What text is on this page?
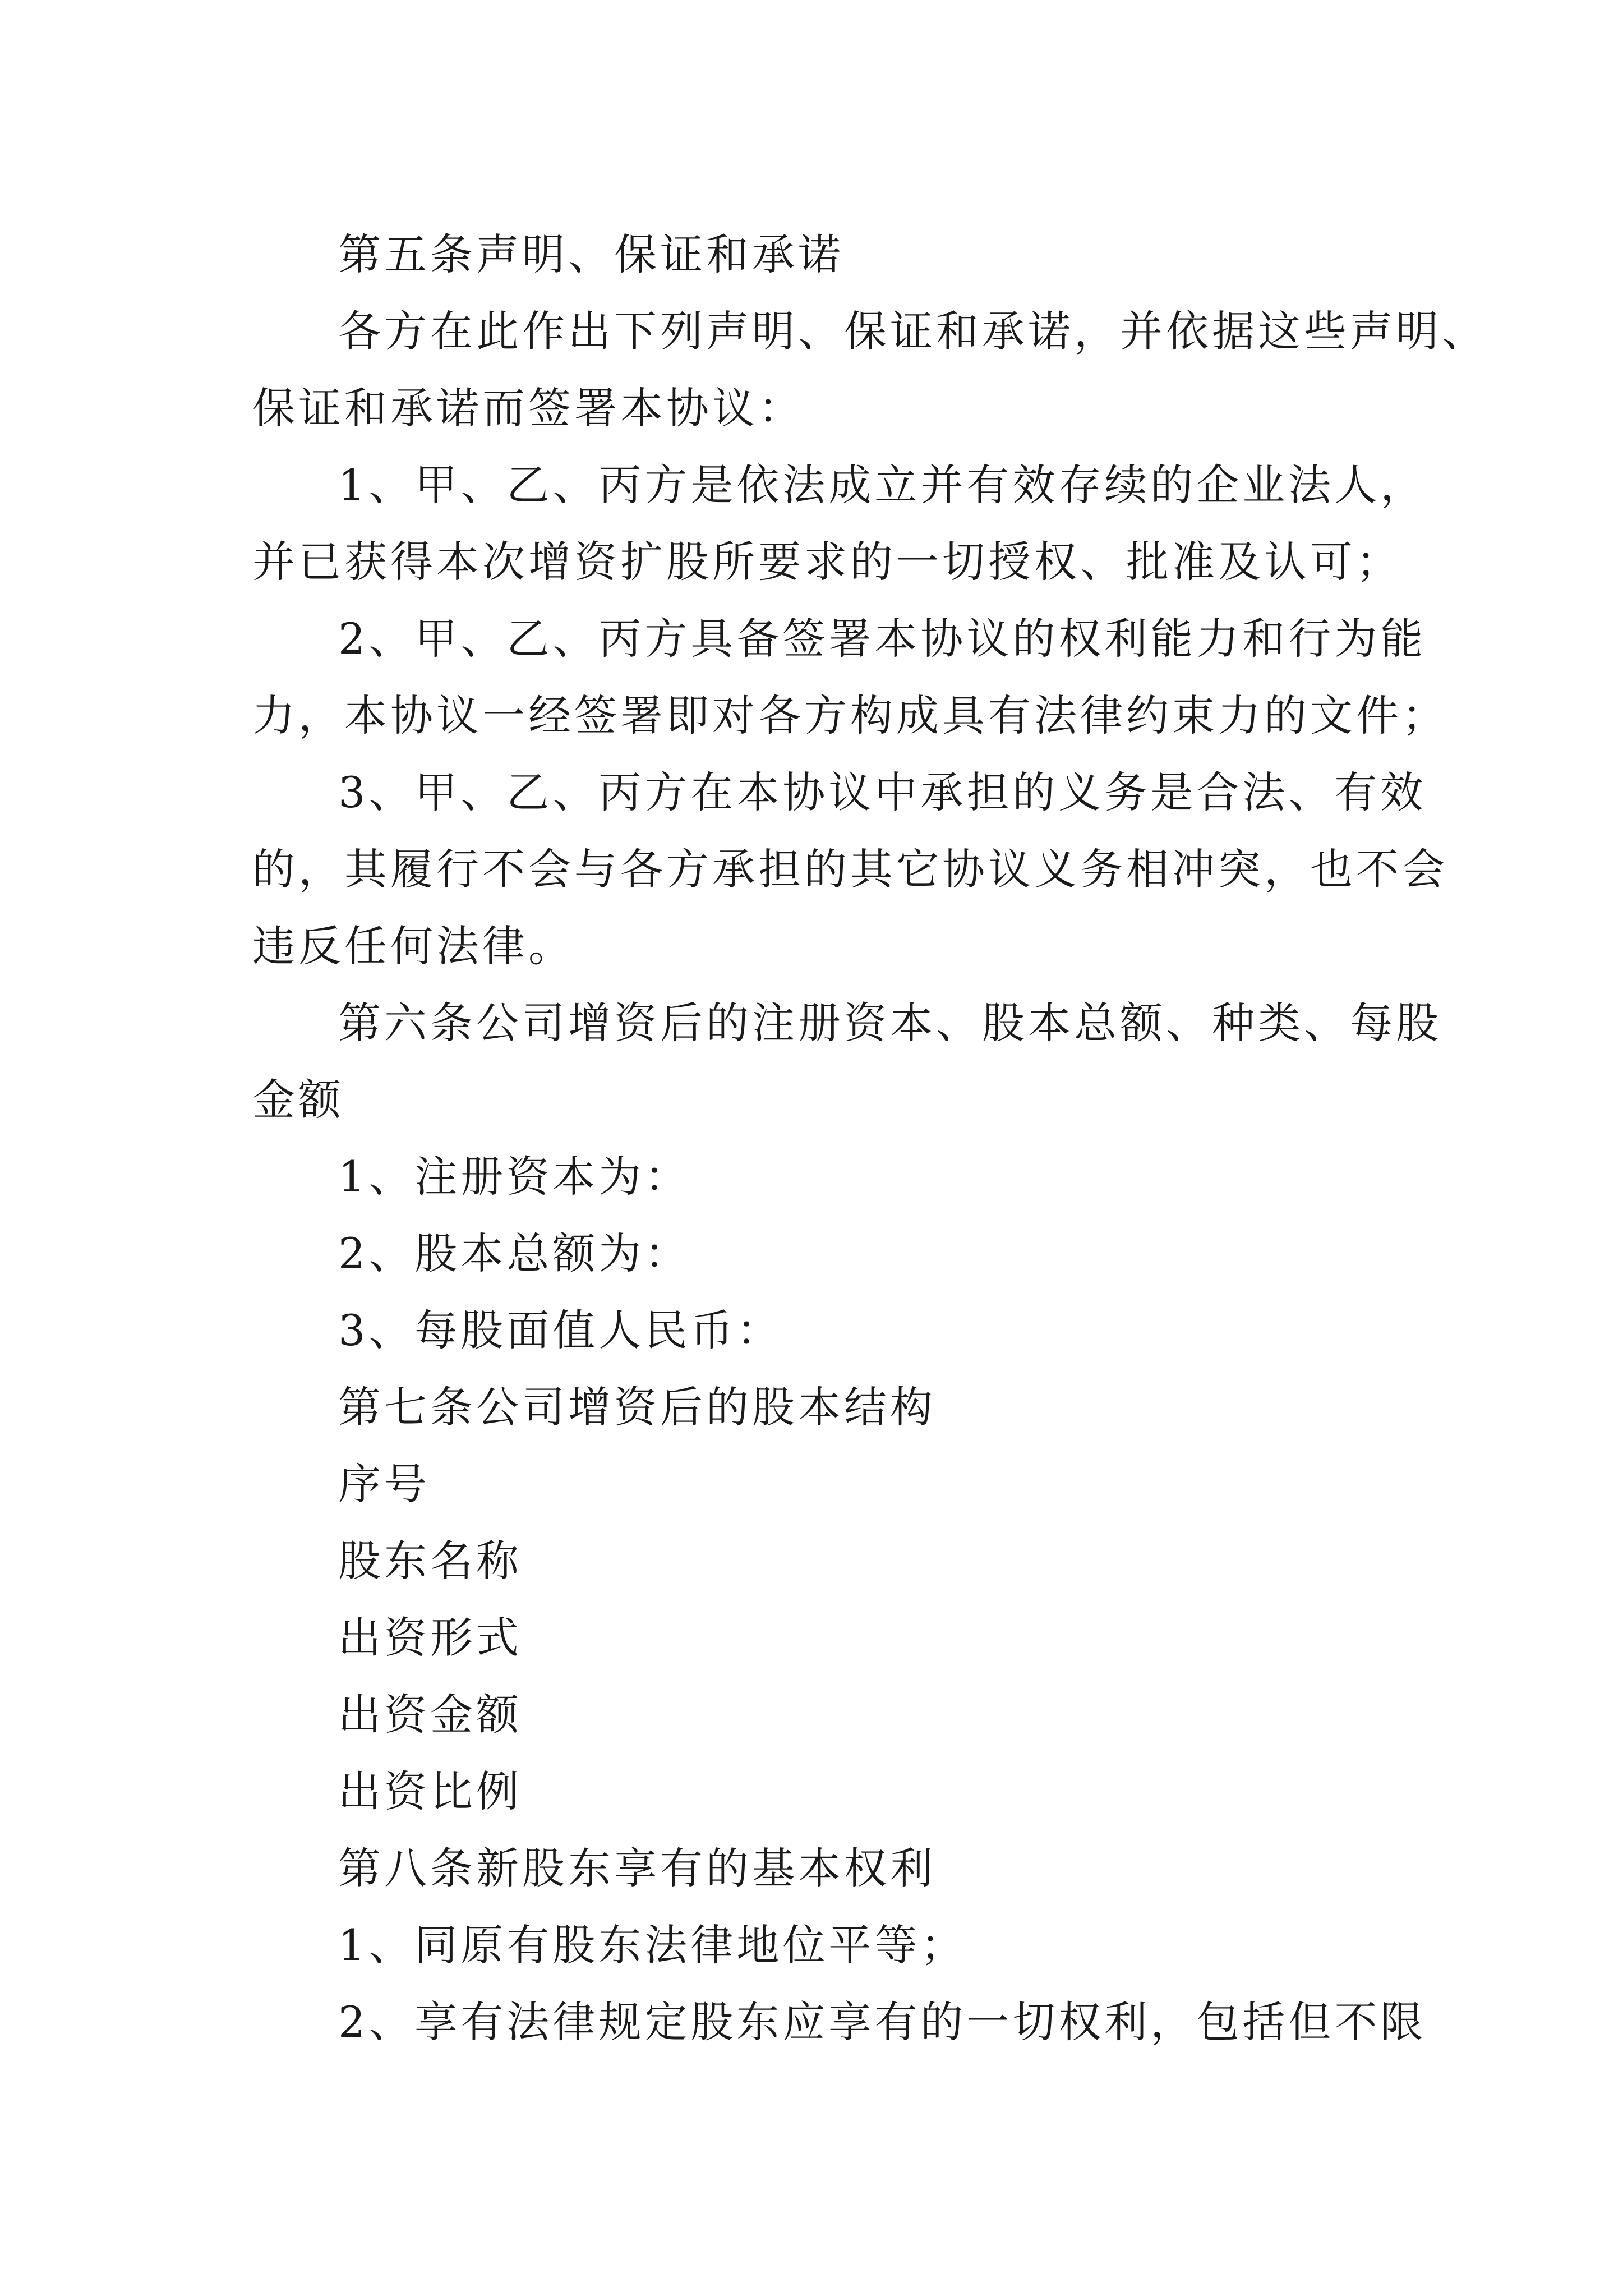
第五条声明、保证和承诺
各方在此作出下列声明、保证和承诺，并依据这些声明、
保证和承诺而签署本协议：
1、甲、乙、丙方是依法成立并有效存续的企业法人，
并已获得本次增资扩股所要求的一切授权、批准及认可；
2、甲、乙、丙方具备签署本协议的权利能力和行为能
力，本协议一经签署即对各方构成具有法律约束力的文件；
3、甲、乙、丙方在本协议中承担的义务是合法、有效
的，其履行不会与各方承担的其它协议义务相冲突，也不会
违反任何法律。
第六条公司增资后的注册资本、股本总额、种类、每股
金额
1、注册资本为：
2、股本总额为：
3、每股面值人民币：
第七条公司增资后的股本结构
序号
股东名称
出资形式
出资金额
出资比例
第八条新股东享有的基本权利
1、同原有股东法律地位平等；
2、享有法律规定股东应享有的一切权利，包括但不限
